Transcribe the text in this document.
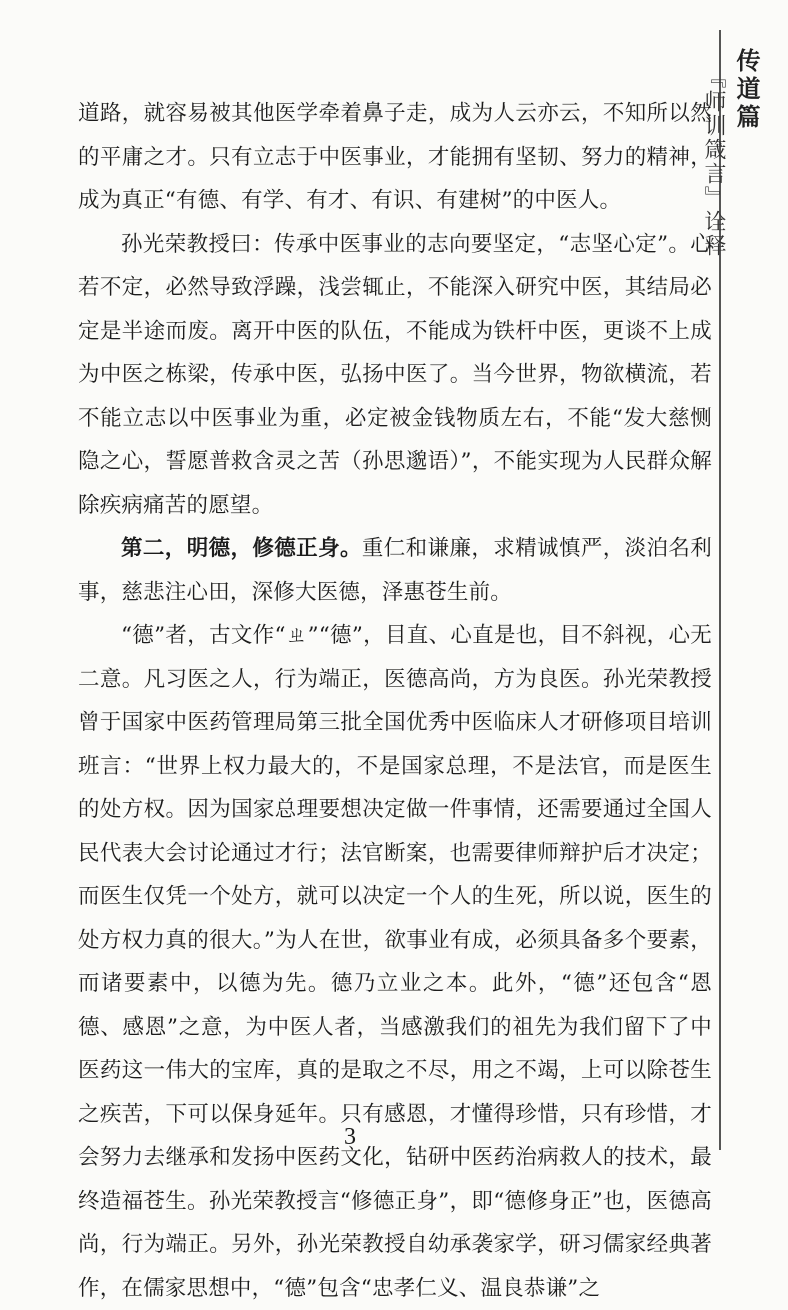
传道篇
『师训箴言』诠释

道路，就容易被其他医学牵着鼻子走，成为人云亦云，不知所以然的平庸之才。只有立志于中医事业，才能拥有坚韧、努力的精神，成为真正“有德、有学、有才、有识、有建树”的中医人。

孙光荣教授曰：传承中医事业的志向要坚定，“志坚心定”。心若不定，必然导致浮躁，浅尝辄止，不能深入研究中医，其结局必定是半途而废。离开中医的队伍，不能成为铁杆中医，更谈不上成为中医之栋梁，传承中医，弘扬中医了。当今世界，物欲横流，若不能立志以中医事业为重，必定被金钱物质左右，不能“发大慈恻隐之心，誓愿普救含灵之苦（孙思邈语）”，不能实现为人民群众解除疾病痛苦的愿望。

第二，明德，修德正身。重仁和谦廉，求精诚慎严，淡泊名利事，慈悲注心田，深修大医德，泽惠苍生前。

“德”者，古文作“ㄓ”“德”，目直、心直是也，目不斜视，心无二意。凡习医之人，行为端正，医德高尚，方为良医。孙光荣教授曾于国家中医药管理局第三批全国优秀中医临床人才研修项目培训班言：“世界上权力最大的，不是国家总理，不是法官，而是医生的处方权。因为国家总理要想决定做一件事情，还需要通过全国人民代表大会讨论通过才行；法官断案，也需要律师辩护后才决定；而医生仅凭一个处方，就可以决定一个人的生死，所以说，医生的处方权力真的很大。”为人在世，欲事业有成，必须具备多个要素，而诸要素中，以德为先。德乃立业之本。此外，“德”还包含“恩德、感恩”之意，为中医人者，当感激我们的祖先为我们留下了中医药这一伟大的宝库，真的是取之不尽，用之不竭，上可以除苍生之疾苦，下可以保身延年。只有感恩，才懂得珍惜，只有珍惜，才会努力去继承和发扬中医药文化，钻研中医药治病救人的技术，最终造福苍生。孙光荣教授言“修德正身”，即“德修身正”也，医德高尚，行为端正。另外，孙光荣教授自幼承袭家学，研习儒家经典著作，在儒家思想中，“德”包含“忠孝仁义、温良恭谦”之

3
